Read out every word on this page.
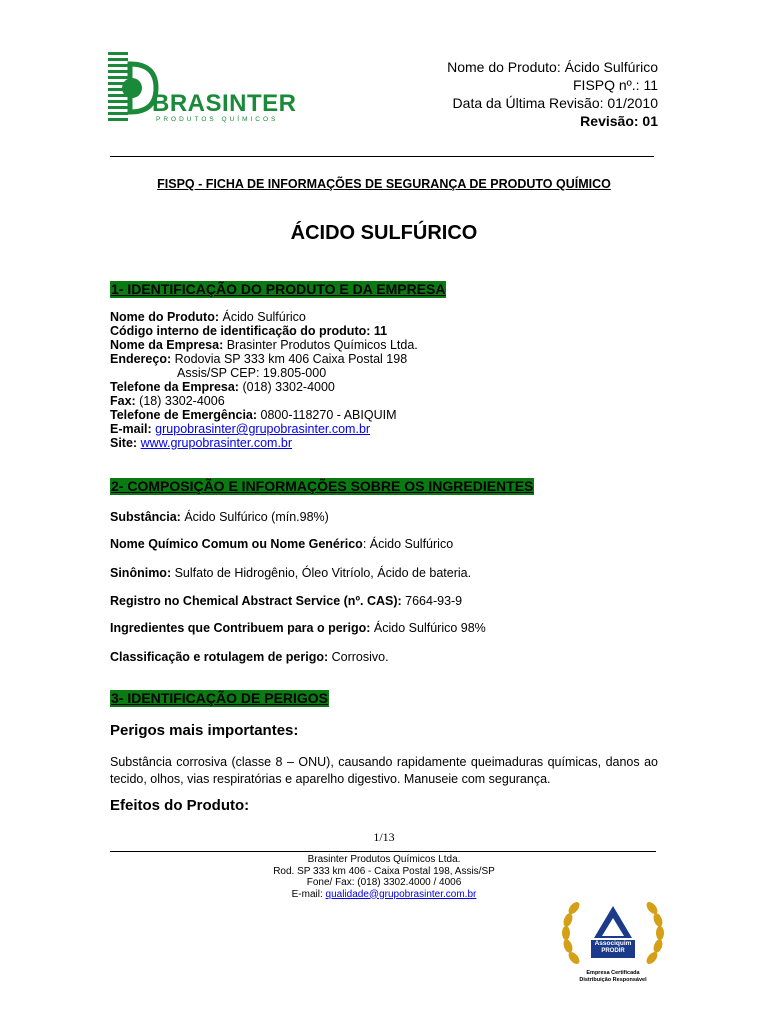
BRASINTER
PRODUTOS QUÍMICOS
Nome do Produto: Ácido Sulfúrico
FISPQ nº.: 11
Data da Última Revisão: 01/2010
Revisão: 01
FISPQ - FICHA DE INFORMAÇÕES DE SEGURANÇA DE PRODUTO QUÍMICO
ÁCIDO SULFÚRICO
1- IDENTIFICAÇÃO DO PRODUTO E DA EMPRESA
Nome do Produto: Ácido Sulfúrico
Código interno de identificação do produto: 11
Nome da Empresa: Brasinter Produtos Químicos Ltda.
Endereço: Rodovia SP 333 km 406 Caixa Postal 198
Assis/SP CEP: 19.805-000
Telefone da Empresa: (018) 3302-4000
Fax: (18) 3302-4006
Telefone de Emergência: 0800-118270 - ABIQUIM
E-mail: grupobrasinter@grupobrasinter.com.br
Site: www.grupobrasinter.com.br
2- COMPOSIÇÃO E INFORMAÇÕES SOBRE OS INGREDIENTES
Substância: Ácido Sulfúrico (mín.98%)
Nome Químico Comum ou Nome Genérico: Ácido Sulfúrico
Sinônimo: Sulfato de Hidrogênio, Óleo Vitríolo, Ácido de bateria.
Registro no Chemical Abstract Service (nº. CAS): 7664-93-9
Ingredientes que Contribuem para o perigo: Ácido Sulfúrico 98%
Classificação e rotulagem de perigo: Corrosivo.
3- IDENTIFICAÇÃO DE PERIGOS
Perigos mais importantes:
Substância corrosiva (classe 8 – ONU), causando rapidamente queimaduras químicas, danos ao tecido, olhos, vias respiratórias e aparelho digestivo. Manuseie com segurança.
Efeitos do Produto:
1/13
Brasinter Produtos Químicos Ltda.
Rod. SP 333 km 406 - Caixa Postal 198, Assis/SP
Fone/ Fax: (018) 3302.4000 / 4006
E-mail: qualidade@grupobrasinter.com.br
Associquim
PRODIR
Empresa Certificada
Distribuição Responsável
